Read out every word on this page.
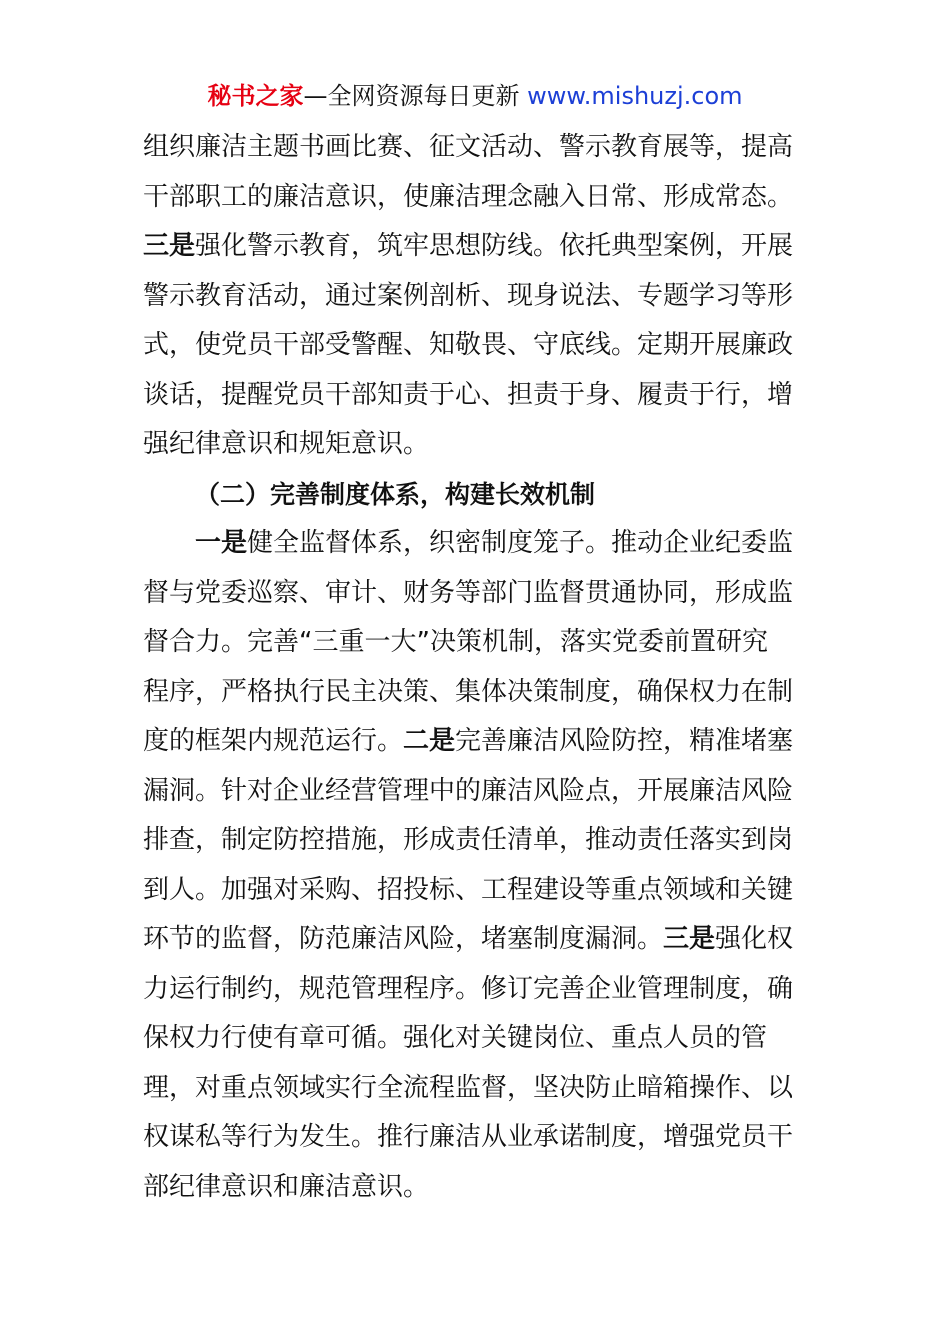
秘书之家—全网资源每日更新 www.mishuzj.com
组织廉洁主题书画比赛、征文活动、警示教育展等，提高
干部职工的廉洁意识，使廉洁理念融入日常、形成常态。
三是强化警示教育，筑牢思想防线。依托典型案例，开展
警示教育活动，通过案例剖析、现身说法、专题学习等形
式，使党员干部受警醒、知敬畏、守底线。定期开展廉政
谈话，提醒党员干部知责于心、担责于身、履责于行，增
强纪律意识和规矩意识。
（二）完善制度体系，构建长效机制
一是健全监督体系，织密制度笼子。推动企业纪委监
督与党委巡察、审计、财务等部门监督贯通协同，形成监
督合力。完善“三重一大”决策机制，落实党委前置研究
程序，严格执行民主决策、集体决策制度，确保权力在制
度的框架内规范运行。二是完善廉洁风险防控，精准堵塞
漏洞。针对企业经营管理中的廉洁风险点，开展廉洁风险
排查，制定防控措施，形成责任清单，推动责任落实到岗
到人。加强对采购、招投标、工程建设等重点领域和关键
环节的监督，防范廉洁风险，堵塞制度漏洞。三是强化权
力运行制约，规范管理程序。修订完善企业管理制度，确
保权力行使有章可循。强化对关键岗位、重点人员的管
理，对重点领域实行全流程监督，坚决防止暗箱操作、以
权谋私等行为发生。推行廉洁从业承诺制度，增强党员干
部纪律意识和廉洁意识。
